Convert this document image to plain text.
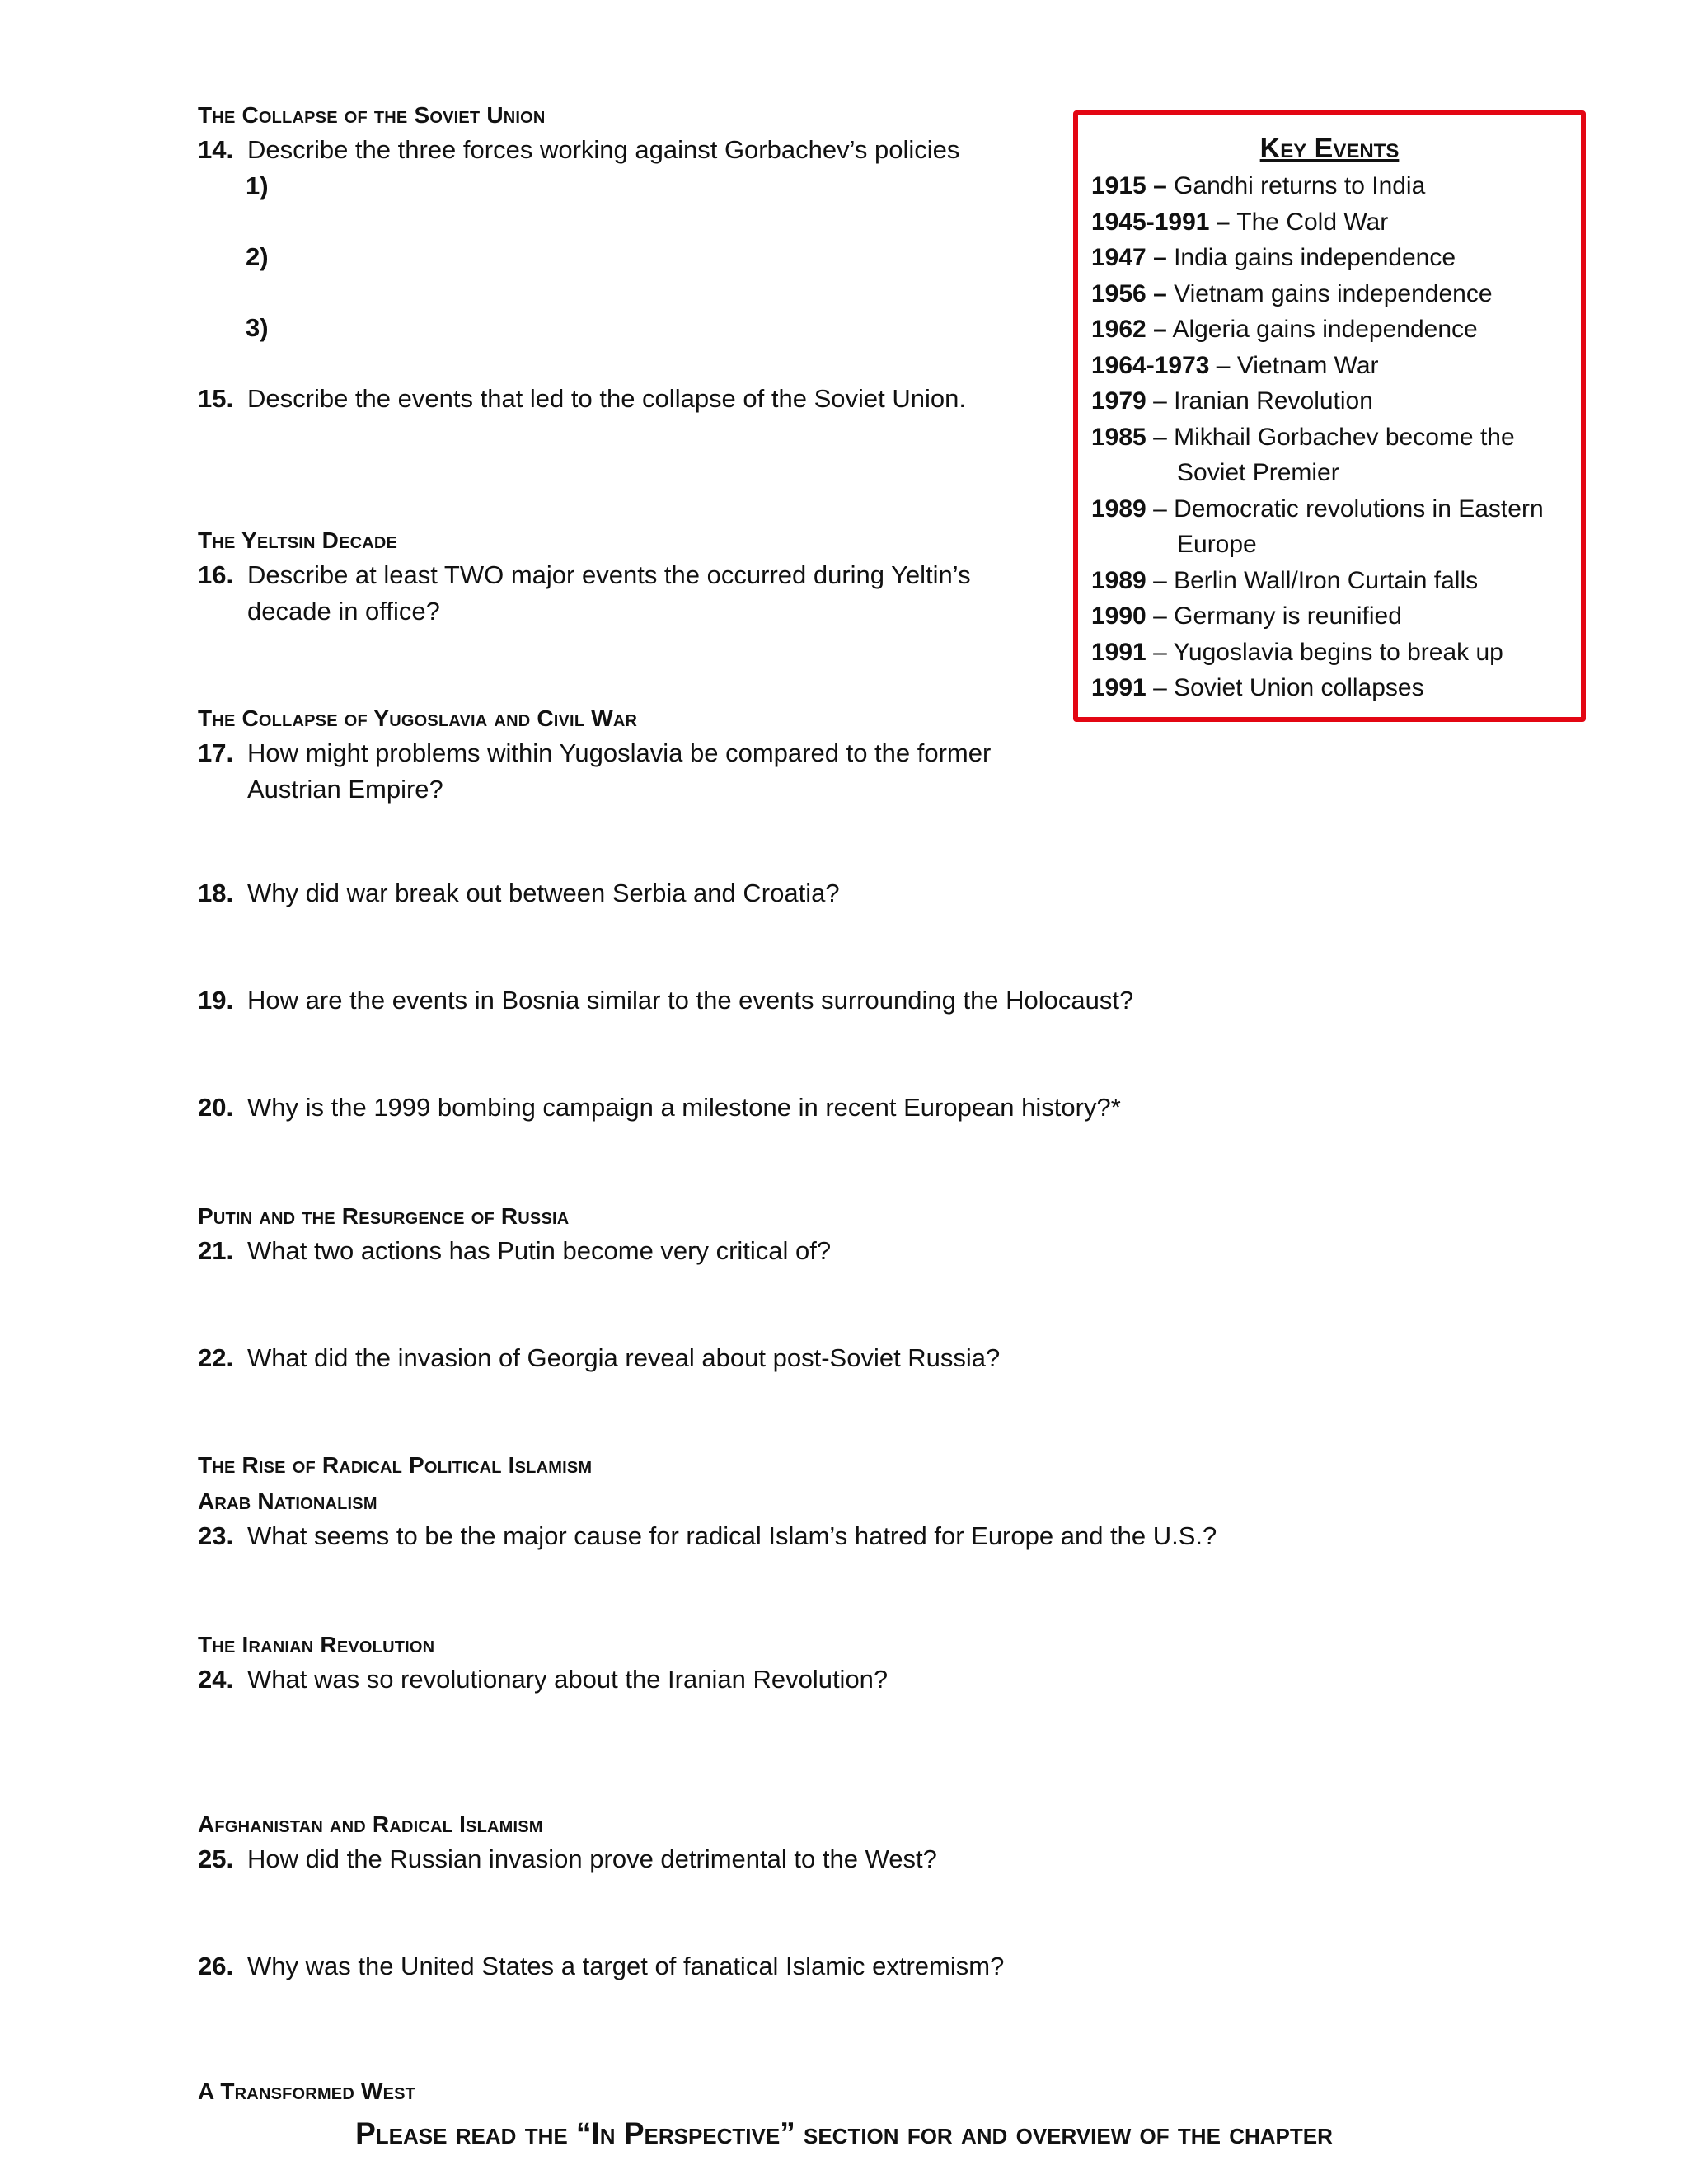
The Collapse of the Soviet Union
14. Describe the three forces working against Gorbachev’s policies
1)
2)
3)
15. Describe the events that led to the collapse of the Soviet Union.
The Yeltsin Decade
16. Describe at least TWO major events the occurred during Yeltin’s decade in office?
The Collapse of Yugoslavia and Civil War
17. How might problems within Yugoslavia be compared to the former Austrian Empire?
18. Why did war break out between Serbia and Croatia?
19. How are the events in Bosnia similar to the events surrounding the Holocaust?
20. Why is the 1999 bombing campaign a milestone in recent European history?*
Putin and the Resurgence of Russia
21. What two actions has Putin become very critical of?
22. What did the invasion of Georgia reveal about post-Soviet Russia?
The Rise of Radical Political Islamism
Arab Nationalism
23. What seems to be the major cause for radical Islam’s hatred for Europe and the U.S.?
The Iranian Revolution
24. What was so revolutionary about the Iranian Revolution?
Afghanistan and Radical Islamism
25. How did the Russian invasion prove detrimental to the West?
26. Why was the United States a target of fanatical Islamic extremism?
A Transformed West
Please read the “In Perspective” section for and overview of the chapter
Key Events
1915 – Gandhi returns to India
1945-1991 – The Cold War
1947 – India gains independence
1956 – Vietnam gains independence
1962 – Algeria gains independence
1964-1973 – Vietnam War
1979 – Iranian Revolution
1985 – Mikhail Gorbachev become the Soviet Premier
1989 – Democratic revolutions in Eastern Europe
1989 – Berlin Wall/Iron Curtain falls
1990 – Germany is reunified
1991 – Yugoslavia begins to break up
1991 – Soviet Union collapses
